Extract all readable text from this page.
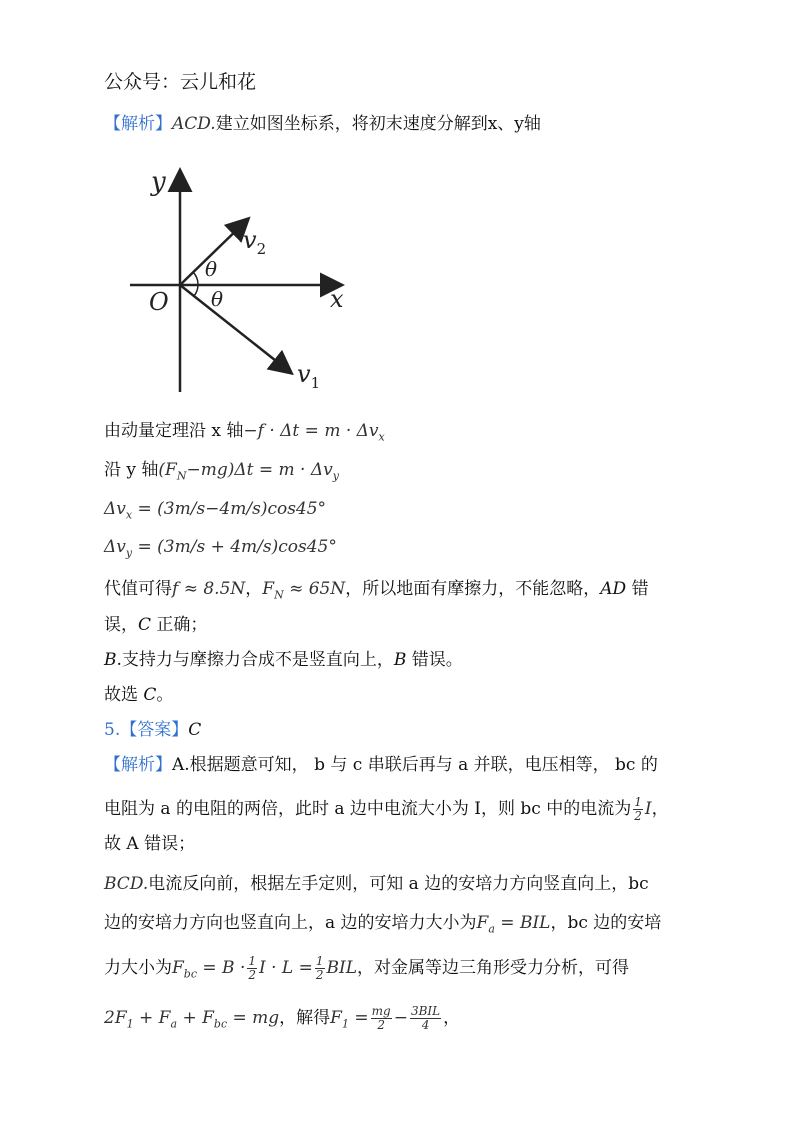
公众号：云儿和花
【解析】ACD.建立如图坐标系，将初末速度分解到x、y轴
y
x
O
θ
θ
$v_2$
$v_1$
由动量定理沿 x 轴$-f \cdot \Delta t = m \cdot \Delta v_x$
沿 y 轴$(F_N-mg)\Delta t = m \cdot \Delta v_y$
$\Delta v_x = (3m/s-4m/s)\cos 45^\circ$
$\Delta v_y = (3m/s + 4m/s)\cos 45^\circ$
代值可得f ≈ 8.5N，$F_N \approx 65N$，所以地面有摩擦力，不能忽略，AD 错
误，C 正确；
B.支持力与摩擦力合成不是竖直向上，B 错误。
故选 C。
5.【答案】C
【解析】A.根据题意可知， b 与 c 串联后再与 a 并联，电压相等， bc 的
电阻为 a 的电阻的两倍，此时 a 边中电流大小为 I，则 bc 中的电流为 $\frac{1}{2}$ I，
故 A 错误；
BCD.电流反向前，根据左手定则，可知 a 边的安培力方向竖直向上，bc
边的安培力方向也竖直向上，a 边的安培力大小为$F_a$ = BIL，bc 边的安培
力大小为$F_{bc} = B \cdot \frac{1}{2}$ $I \cdot L = \frac{1}{2}$ BIL，对金属等边三角形受力分析，可得
$2F_1 + F_a + F_{bc}$ = mg，解得$F_1 = \frac{mg}{2} - \frac{\text{3BIL}}{4}$ ，
